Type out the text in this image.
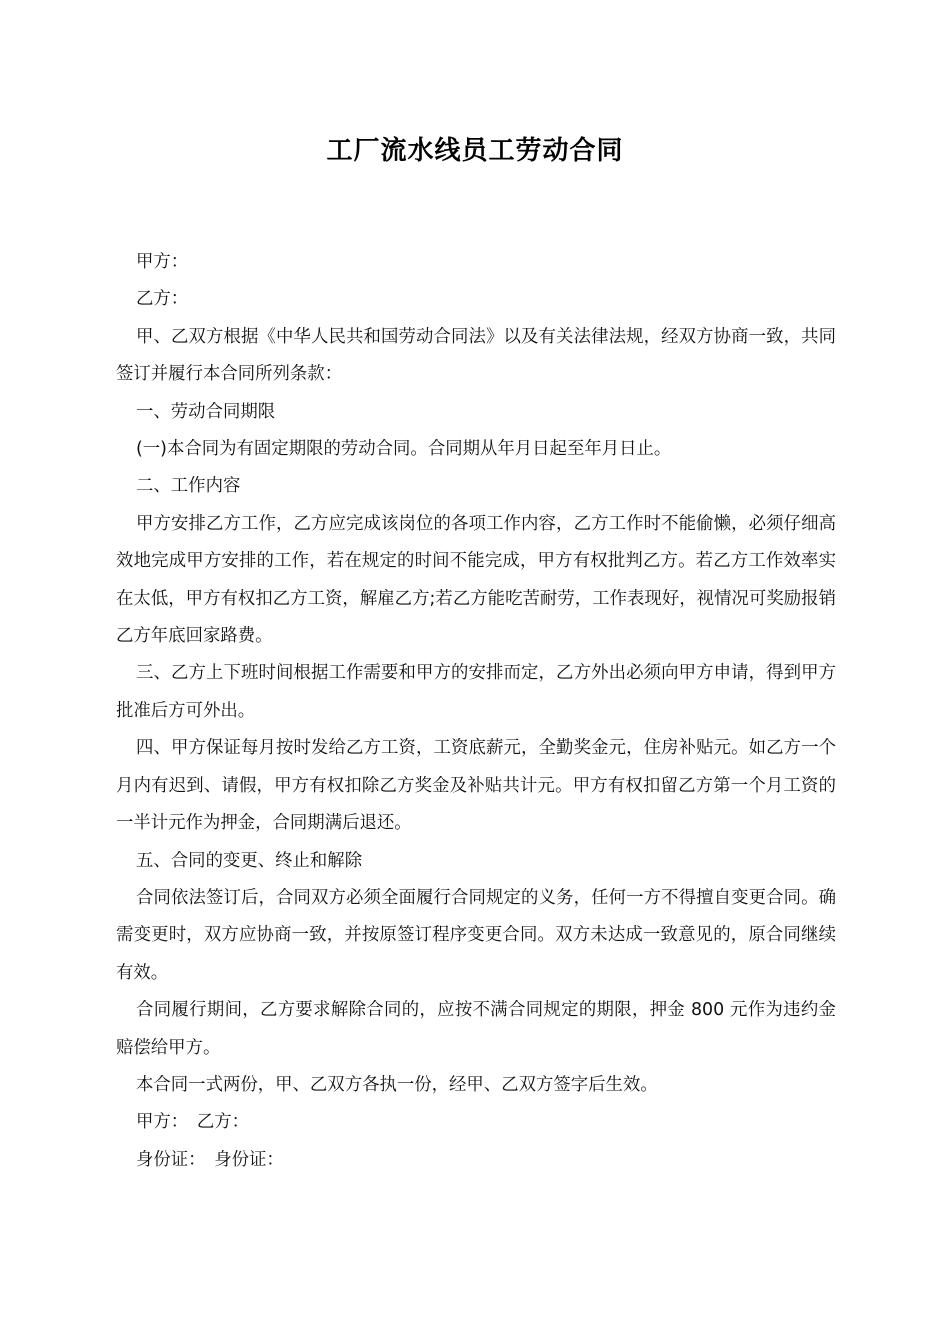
工厂流水线员工劳动合同

甲方：

乙方：

甲、乙双方根据《中华人民共和国劳动合同法》以及有关法律法规，经双方协商一致，共同签订并履行本合同所列条款：

一、劳动合同期限

(一)本合同为有固定期限的劳动合同。合同期从年月日起至年月日止。

二、工作内容

甲方安排乙方工作，乙方应完成该岗位的各项工作内容，乙方工作时不能偷懒，必须仔细高效地完成甲方安排的工作，若在规定的时间不能完成，甲方有权批判乙方。若乙方工作效率实在太低，甲方有权扣乙方工资，解雇乙方;若乙方能吃苦耐劳，工作表现好，视情况可奖励报销乙方年底回家路费。

三、乙方上下班时间根据工作需要和甲方的安排而定，乙方外出必须向甲方申请，得到甲方批准后方可外出。

四、甲方保证每月按时发给乙方工资，工资底薪元，全勤奖金元，住房补贴元。如乙方一个月内有迟到、请假，甲方有权扣除乙方奖金及补贴共计元。甲方有权扣留乙方第一个月工资的一半计元作为押金，合同期满后退还。

五、合同的变更、终止和解除

合同依法签订后，合同双方必须全面履行合同规定的义务，任何一方不得擅自变更合同。确需变更时，双方应协商一致，并按原签订程序变更合同。双方未达成一致意见的，原合同继续有效。

合同履行期间，乙方要求解除合同的，应按不满合同规定的期限，押金 800 元作为违约金赔偿给甲方。

本合同一式两份，甲、乙双方各执一份，经甲、乙双方签字后生效。

甲方：　乙方：

身份证：　身份证：
